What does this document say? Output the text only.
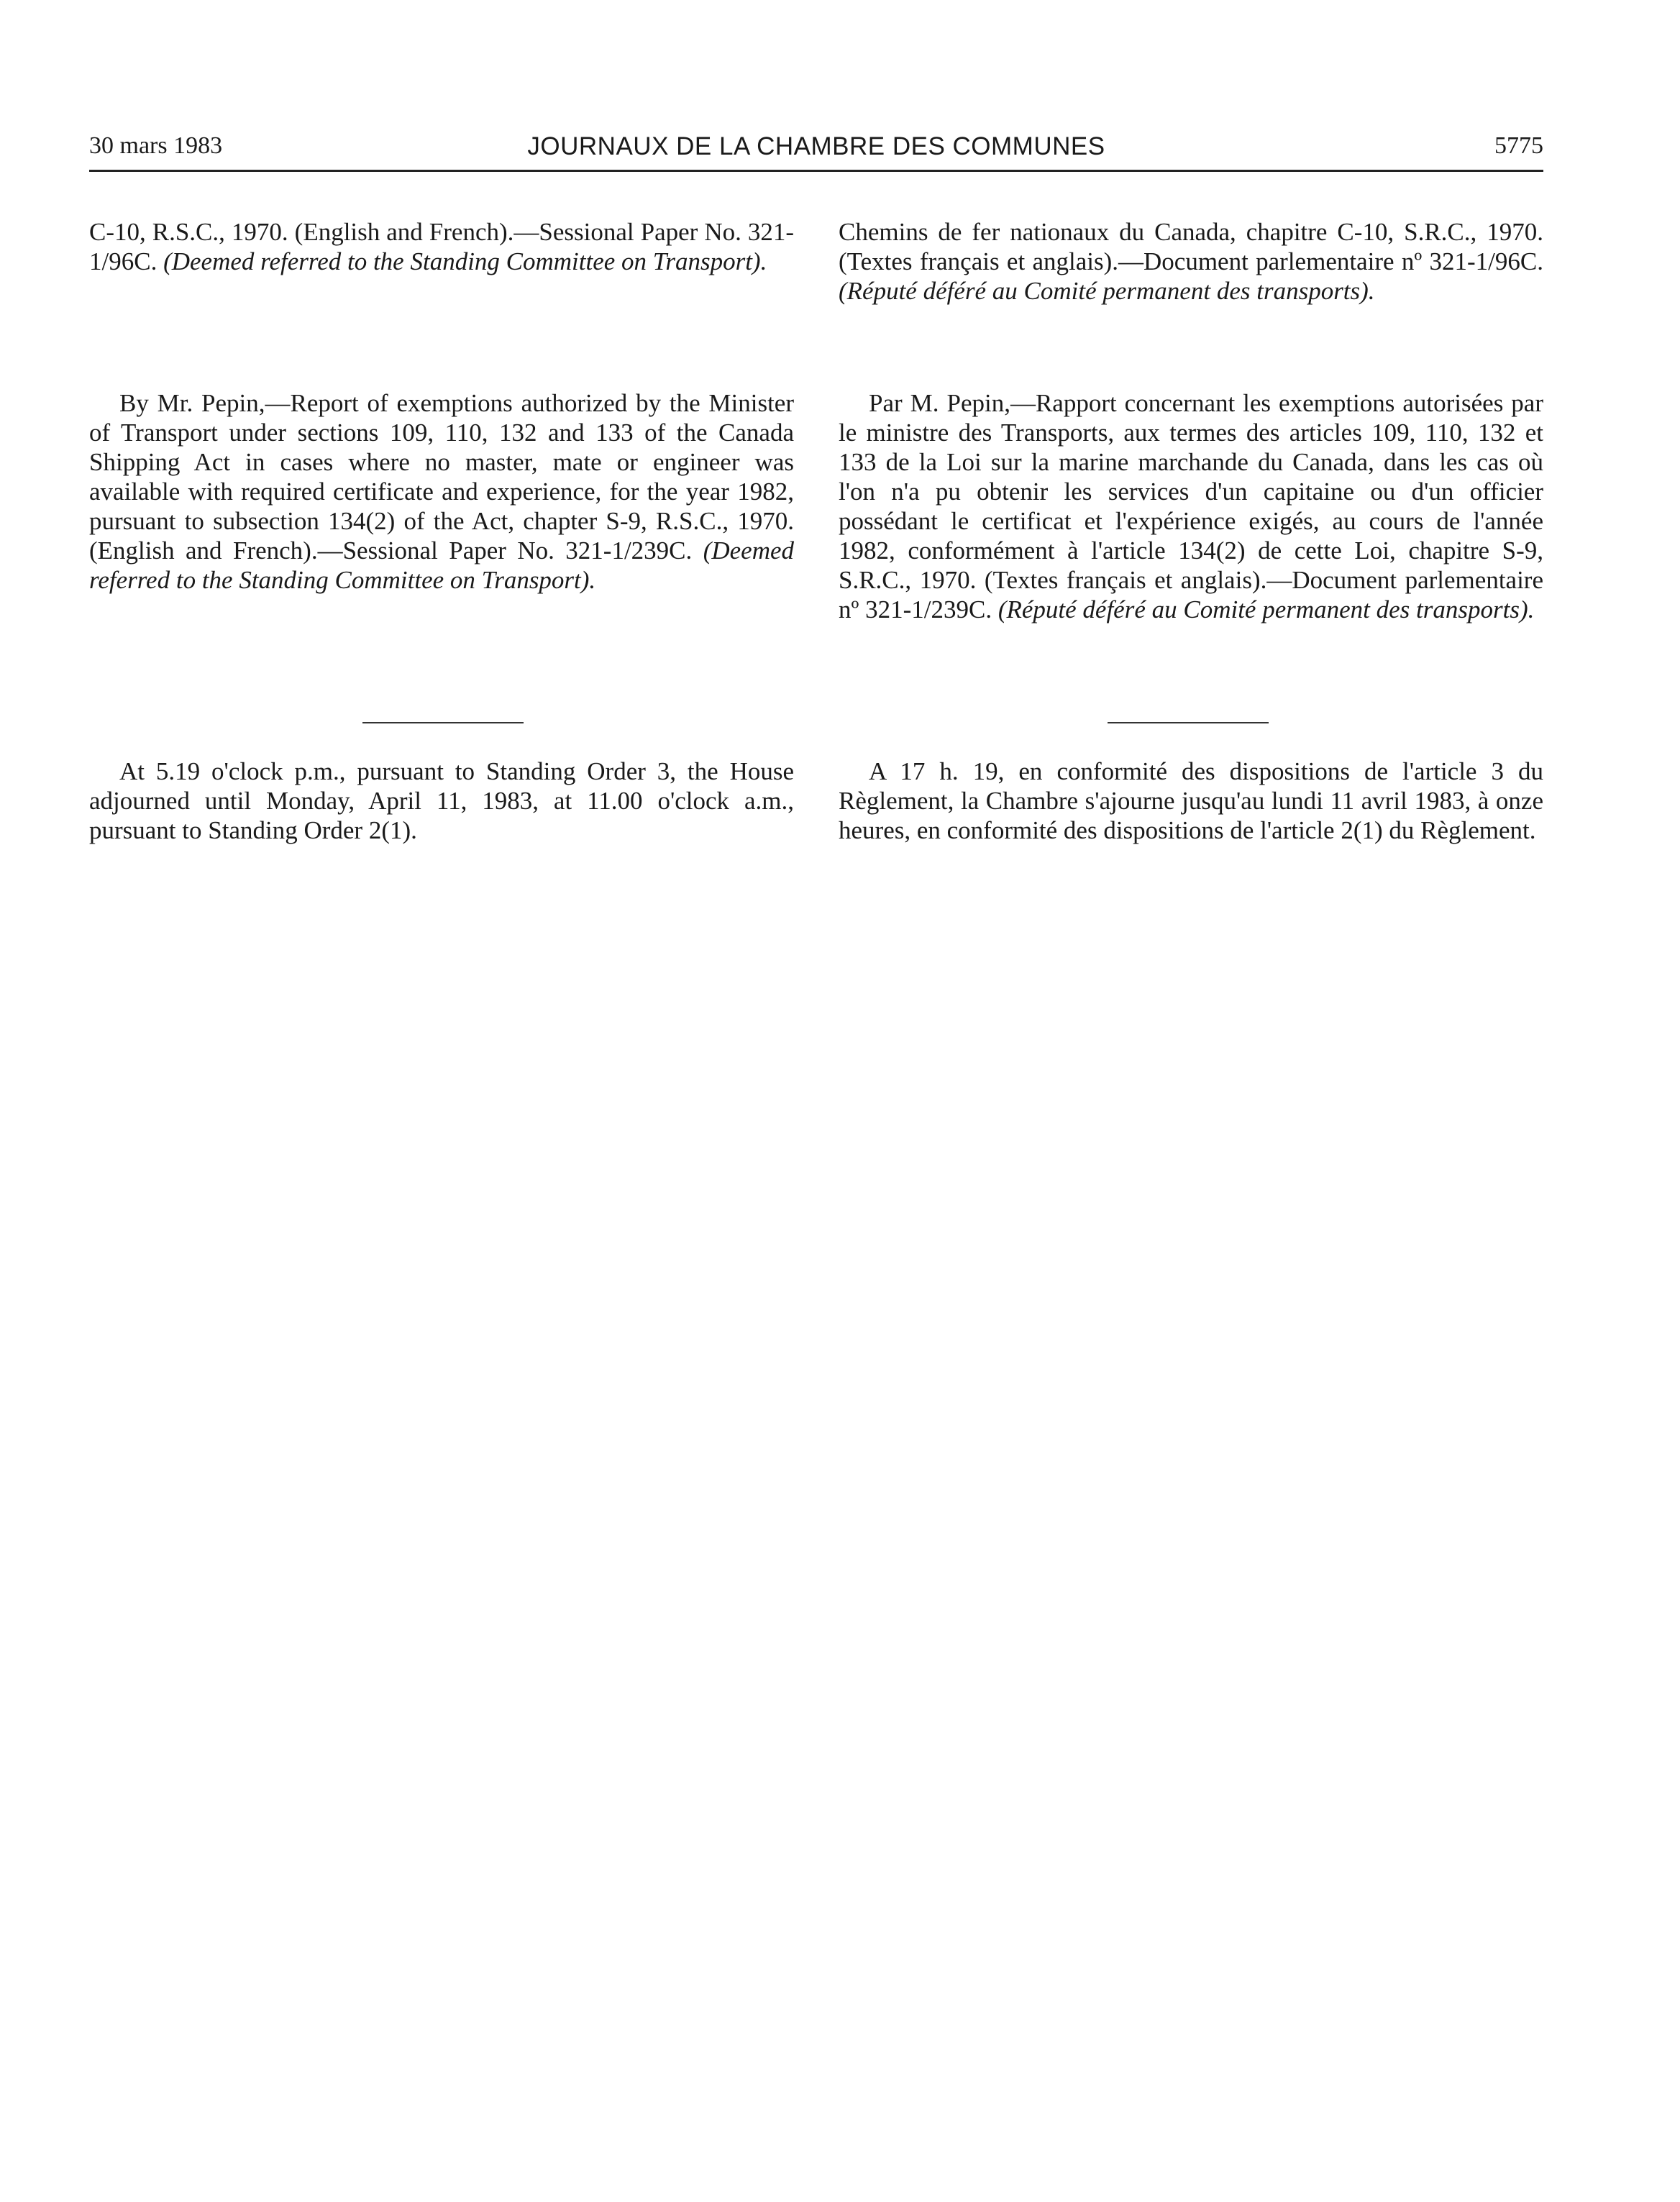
30 mars 1983	JOURNAUX DE LA CHAMBRE DES COMMUNES	5775

C-10, R.S.C., 1970. (English and French).—Sessional Paper No. 321-1/96C. (Deemed referred to the Standing Committee on Transport).

By Mr. Pepin,—Report of exemptions authorized by the Minister of Transport under sections 109, 110, 132 and 133 of the Canada Shipping Act in cases where no master, mate or engineer was available with required certificate and experience, for the year 1982, pursuant to subsection 134(2) of the Act, chapter S-9, R.S.C., 1970. (English and French).—Sessional Paper No. 321-1/239C. (Deemed referred to the Standing Committee on Transport).

At 5.19 o'clock p.m., pursuant to Standing Order 3, the House adjourned until Monday, April 11, 1983, at 11.00 o'clock a.m., pursuant to Standing Order 2(1).

Chemins de fer nationaux du Canada, chapitre C-10, S.R.C., 1970. (Textes français et anglais).—Document parlementaire nº 321-1/96C. (Réputé déféré au Comité permanent des transports).

Par M. Pepin,—Rapport concernant les exemptions autorisées par le ministre des Transports, aux termes des articles 109, 110, 132 et 133 de la Loi sur la marine marchande du Canada, dans les cas où l'on n'a pu obtenir les services d'un capitaine ou d'un officier possédant le certificat et l'expérience exigés, au cours de l'année 1982, conformément à l'article 134(2) de cette Loi, chapitre S-9, S.R.C., 1970. (Textes français et anglais).—Document parlementaire nº 321-1/239C. (Réputé déféré au Comité permanent des transports).

A 17 h. 19, en conformité des dispositions de l'article 3 du Règlement, la Chambre s'ajourne jusqu'au lundi 11 avril 1983, à onze heures, en conformité des dispositions de l'article 2(1) du Règlement.
